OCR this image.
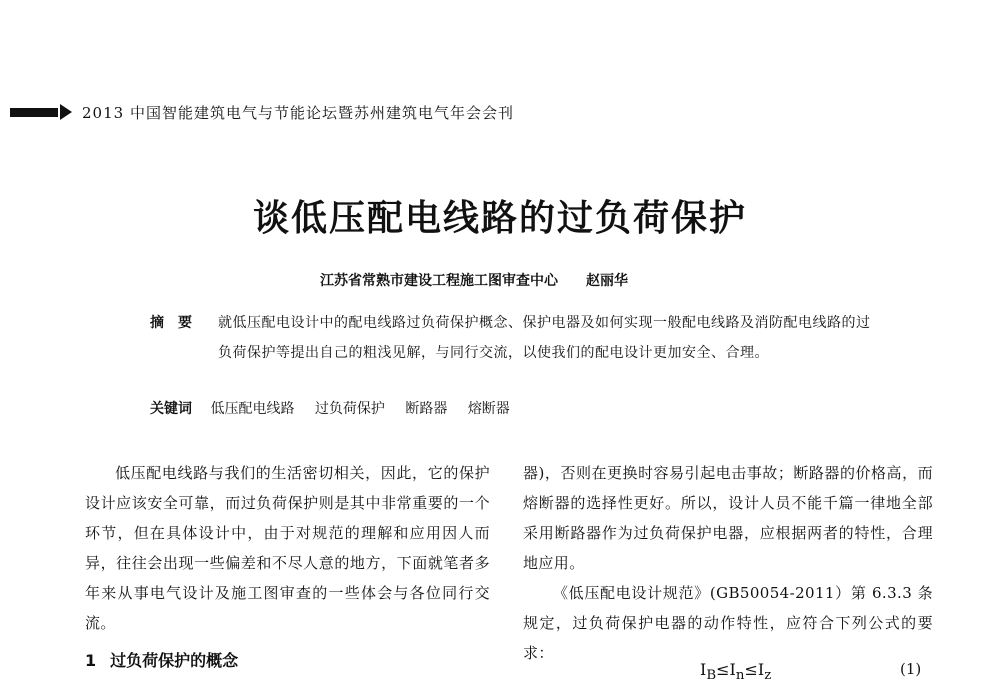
2013 中国智能建筑电气与节能论坛暨苏州建筑电气年会会刊
谈低压配电线路的过负荷保护
江苏省常熟市建设工程施工图审查中心 赵丽华
摘要 就低压配电设计中的配电线路过负荷保护概念、保护电器及如何实现一般配电线路及消防配电线路的过负荷保护等提出自己的粗浅见解，与同行交流，以使我们的配电设计更加安全、合理。
关键词 低压配电线路 过负荷保护 断路器 熔断器

低压配电线路与我们的生活密切相关，因此，它的保护设计应该安全可靠，而过负荷保护则是其中非常重要的一个环节，但在具体设计中，由于对规范的理解和应用因人而异，往往会出现一些偏差和不尽人意的地方，下面就笔者多年来从事电气设计及施工图审查的一些体会与各位同行交流。

器)，否则在更换时容易引起电击事故；断路器的价格高，而熔断器的选择性更好。所以，设计人员不能千篇一律地全部采用断路器作为过负荷保护电器，应根据两者的特性，合理地应用。

《低压配电设计规范》(GB50054-2011）第 6.3.3 条规定，过负荷保护电器的动作特性，应符合下列公式的要求：

1 过负荷保护的概念	$I_B\le I_n\le I_z$	(1)
